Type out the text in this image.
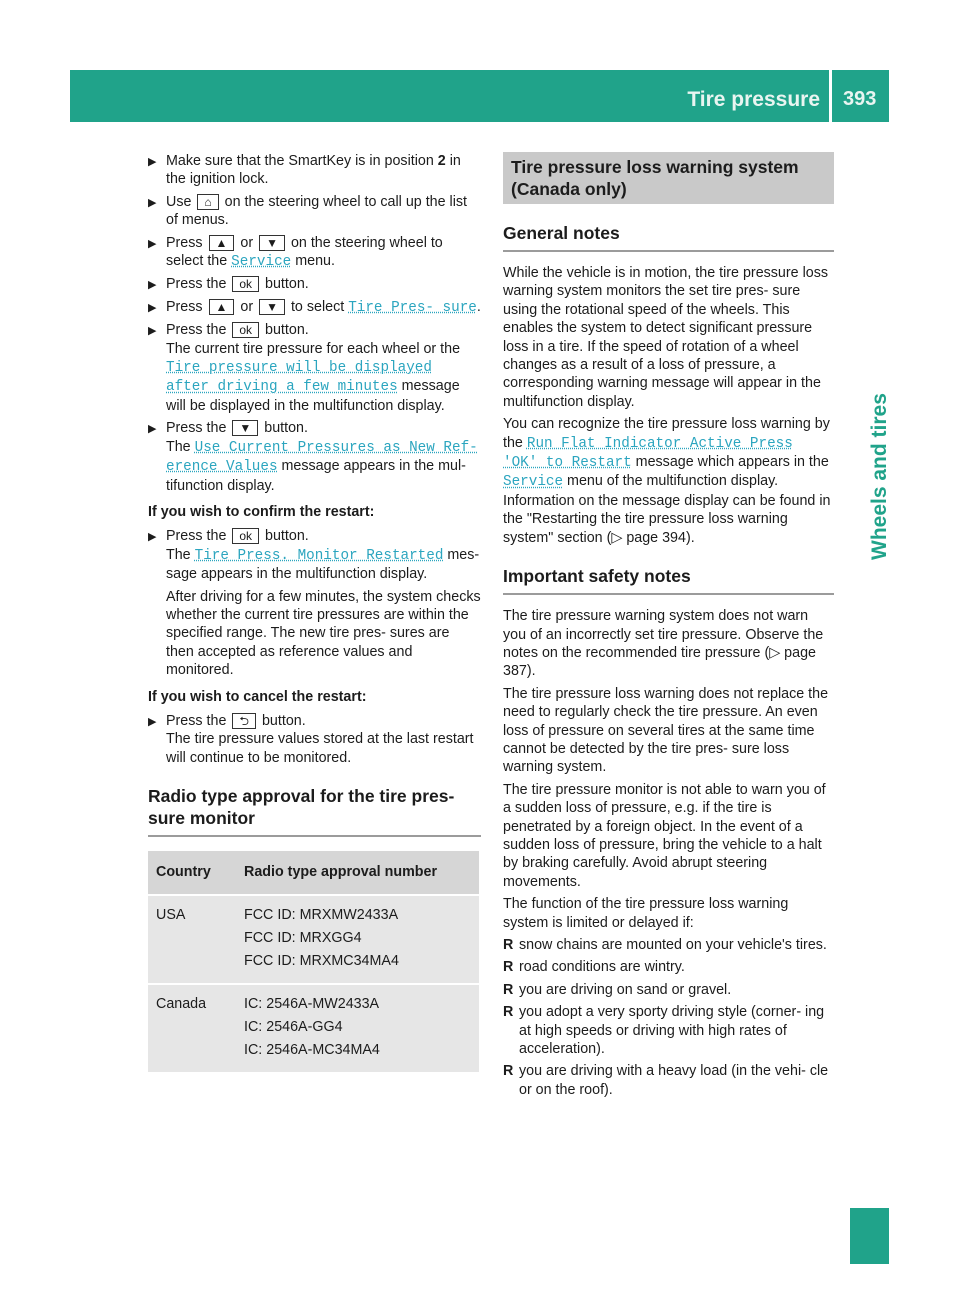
Tire pressure 393
Wheels and tires
▶
Make sure that the SmartKey is in position 2 in the ignition lock.
▶
Use ⌂ on the steering wheel to call up the list of menus.
▶
Press ▲ or ▼ on the steering wheel to select the Service menu.
▶
Press the ok button.
▶
Press ▲ or ▼ to select Tire Pres‐ sure.
▶
Press the ok button.
The current tire pressure for each wheel or the Tire pressure will be displayed after driving a few minutes message will be displayed in the multifunction display.
▶
Press the ▼ button.
The Use Current Pressures as New Ref‐ erence Values message appears in the mul- tifunction display.
If you wish to confirm the restart:
▶
Press the ok button.
The Tire Press. Monitor Restarted mes- sage appears in the multifunction display.
After driving for a few minutes, the system checks whether the current tire pressures are within the specified range. The new tire pres- sures are then accepted as reference values and monitored.
If you wish to cancel the restart:
▶
Press the ⮌ button.
The tire pressure values stored at the last restart will continue to be monitored.
Radio type approval for the tire pres- sure monitor
Country	Radio type approval number
USA	FCC ID: MRXMW2433A
FCC ID: MRXGG4
FCC ID: MRXMC34MA4

Canada	IC: 2546A-MW2433A
IC: 2546A-GG4
IC: 2546A-MC34MA4
Tire pressure loss warning system (Canada only)
General notes
While the vehicle is in motion, the tire pressure loss warning system monitors the set tire pres- sure using the rotational speed of the wheels. This enables the system to detect significant pressure loss in a tire. If the speed of rotation of a wheel changes as a result of a loss of pressure, a corresponding warning message will appear in the multifunction display.
You can recognize the tire pressure loss warning by the Run Flat Indicator Active Press 'OK' to Restart message which appears in the Service menu of the multifunction display. Information on the message display can be found in the "Restarting the tire pressure loss warning system" section (▷ page 394).
Important safety notes
The tire pressure warning system does not warn you of an incorrectly set tire pressure. Observe the notes on the recommended tire pressure (▷ page 387).
The tire pressure loss warning does not replace the need to regularly check the tire pressure. An even loss of pressure on several tires at the same time cannot be detected by the tire pres- sure loss warning system.
The tire pressure monitor is not able to warn you of a sudden loss of pressure, e.g. if the tire is penetrated by a foreign object. In the event of a sudden loss of pressure, bring the vehicle to a halt by braking carefully. Avoid abrupt steering movements.
The function of the tire pressure loss warning system is limited or delayed if:
R snow chains are mounted on your vehicle's tires.
R road conditions are wintry.
R you are driving on sand or gravel.
R you adopt a very sporty driving style (corner- ing at high speeds or driving with high rates of acceleration).
R you are driving with a heavy load (in the vehi- cle or on the roof).
